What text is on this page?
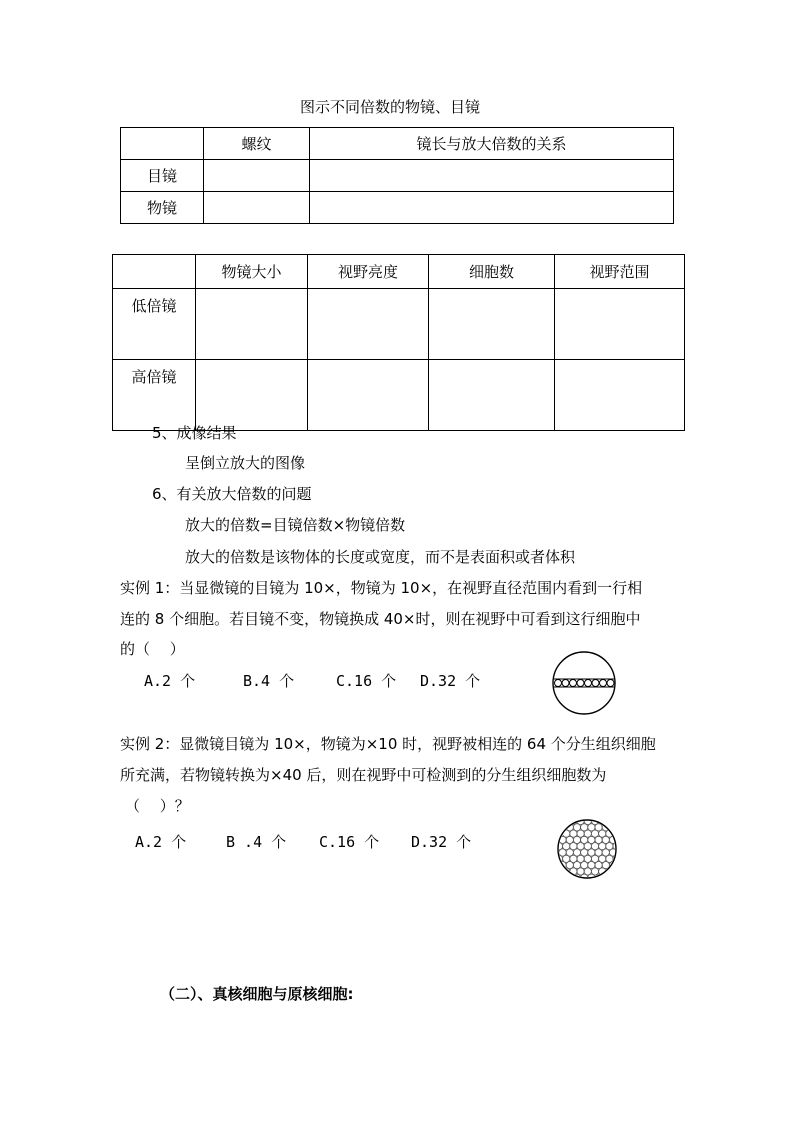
图示不同倍数的物镜、目镜
	螺纹	镜长与放大倍数的关系
目镜		
物镜		
	物镜大小	视野亮度	细胞数	视野范围
低倍镜				
高倍镜				
5、成像结果
呈倒立放大的图像
6、有关放大倍数的问题
放大的倍数=目镜倍数×物镜倍数
放大的倍数是该物体的长度或宽度，而不是表面积或者体积
实例 1：当显微镜的目镜为 10×，物镜为 10×，在视野直径范围内看到一行相
连的 8 个细胞。若目镜不变，物镜换成 40×时，则在视野中可看到这行细胞中
的（　 ）
A.2 个	B.4 个	C.16 个 D.32 个
实例 2：显微镜目镜为 10×，物镜为×10 时，视野被相连的 64 个分生组织细胞
所充满，若物镜转换为×40 后，则在视野中可检测到的分生组织细胞数为
（　 ）？
A.2 个	B .4 个 C.16 个 D.32 个
（二）、真核细胞与原核细胞:
